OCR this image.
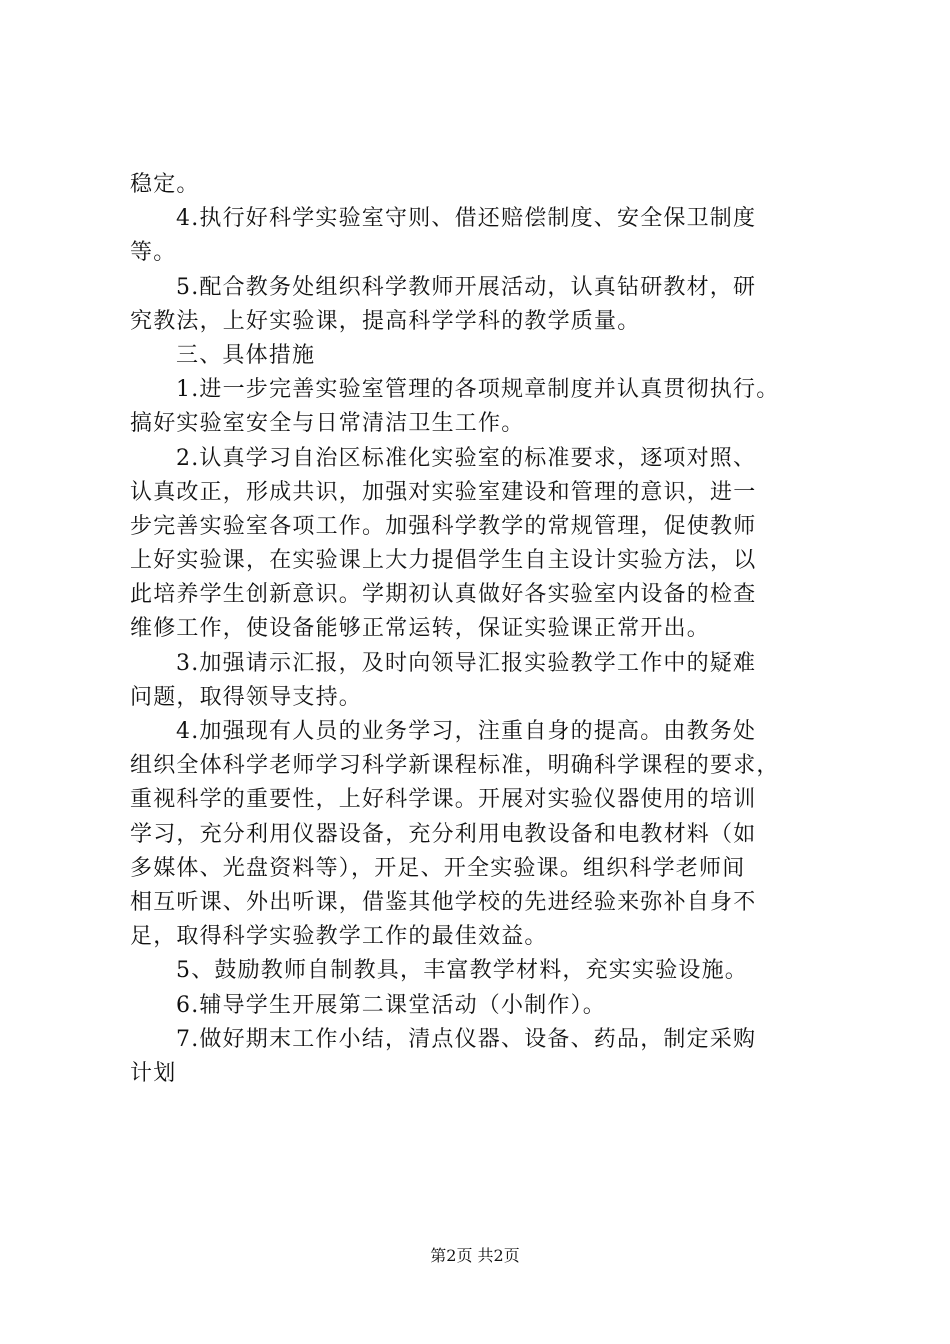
稳定。
4.执行好科学实验室守则、借还赔偿制度、安全保卫制度
等。
5.配合教务处组织科学教师开展活动，认真钻研教材，研
究教法，上好实验课，提高科学学科的教学质量。
三、具体措施
1.进一步完善实验室管理的各项规章制度并认真贯彻执行。
搞好实验室安全与日常清洁卫生工作。
2.认真学习自治区标准化实验室的标准要求，逐项对照、
认真改正，形成共识，加强对实验室建设和管理的意识，进一
步完善实验室各项工作。加强科学教学的常规管理，促使教师
上好实验课，在实验课上大力提倡学生自主设计实验方法，以
此培养学生创新意识。学期初认真做好各实验室内设备的检查
维修工作，使设备能够正常运转，保证实验课正常开出。
3.加强请示汇报，及时向领导汇报实验教学工作中的疑难
问题，取得领导支持。
4.加强现有人员的业务学习，注重自身的提高。由教务处
组织全体科学老师学习科学新课程标准，明确科学课程的要求，
重视科学的重要性，上好科学课。开展对实验仪器使用的培训
学习，充分利用仪器设备，充分利用电教设备和电教材料（如
多媒体、光盘资料等），开足、开全实验课。组织科学老师间
相互听课、外出听课，借鉴其他学校的先进经验来弥补自身不
足，取得科学实验教学工作的最佳效益。
5、鼓励教师自制教具，丰富教学材料，充实实验设施。
6.辅导学生开展第二课堂活动（小制作）。
7.做好期末工作小结，清点仪器、设备、药品，制定采购
计划
第2页 共2页
